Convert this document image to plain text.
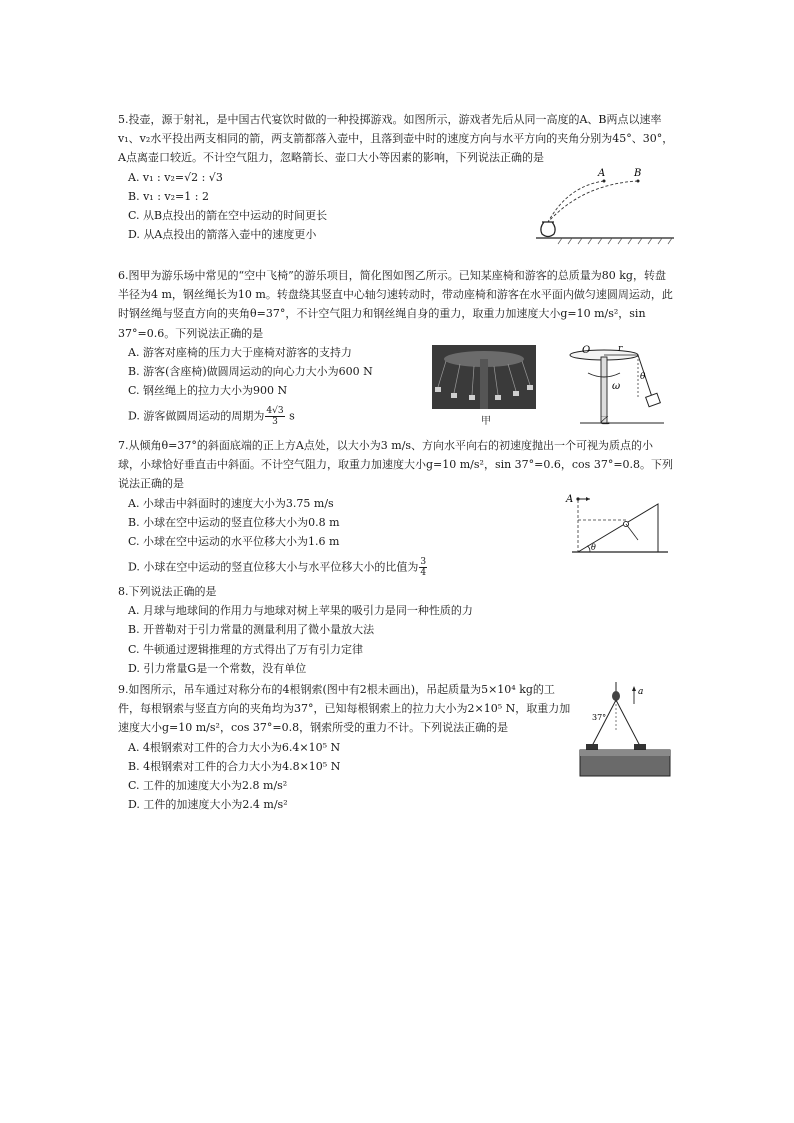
5.投壶，源于射礼，是中国古代宴饮时做的一种投掷游戏。如图所示，游戏者先后从同一高度的A、B两点以速率v₁、v₂水平投出两支相同的箭，两支箭都落入壶中，且落到壶中时的速度方向与水平方向的夹角分别为45°、30°，A点离壶口较近。不计空气阻力，忽略箭长、壶口大小等因素的影响，下列说法正确的是

A. v₁ : v₂=√2 : √3

B. v₁ : v₂=1 : 2

C. 从B点投出的箭在空中运动的时间更长

D. 从A点投出的箭落入壶中的速度更小

A	B

6.图甲为游乐场中常见的“空中飞椅”的游乐项目，简化图如图乙所示。已知某座椅和游客的总质量为80 kg，转盘半径为4 m，钢丝绳长为10 m。转盘绕其竖直中心轴匀速转动时，带动座椅和游客在水平面内做匀速圆周运动，此时钢丝绳与竖直方向的夹角θ=37°，不计空气阻力和钢丝绳自身的重力，取重力加速度大小g=10 m/s²，sin 37°=0.6。下列说法正确的是

A. 游客对座椅的压力大于座椅对游客的支持力

B. 游客(含座椅)做圆周运动的向心力大小为600 N

C. 钢丝绳上的拉力大小为900 N

D. 游客做圆周运动的周期为 $\frac{4√3}{3}$ s	甲
O	r
ω
θ
乙

7.从倾角θ=37°的斜面底端的正上方A点处，以大小为3 m/s、方向水平向右的初速度抛出一个可视为质点的小球，小球恰好垂直击中斜面。不计空气阻力，取重力加速度大小g=10 m/s²，sin 37°=0.6，cos 37°=0.8。下列说法正确的是

A. 小球击中斜面时的速度大小为3.75 m/s

B. 小球在空中运动的竖直位移大小为0.8 m

C. 小球在空中运动的水平位移大小为1.6 m

D. 小球在空中运动的竖直位移大小与水平位移大小的比值为 $\frac{3}{4}$

A
θ

8.下列说法正确的是

A. 月球与地球间的作用力与地球对树上苹果的吸引力是同一种性质的力

B. 开普勒对于引力常量的测量利用了微小量放大法

C. 牛顿通过逻辑推理的方式得出了万有引力定律

D. 引力常量G是一个常数，没有单位

9.如图所示，吊车通过对称分布的4根钢索(图中有2根未画出)，吊起质量为5×10⁴ kg的工件，每根钢索与竖直方向的夹角均为37°，已知每根钢索上的拉力大小为2×10⁵ N，取重力加速度大小g=10 m/s²，cos 37°=0.8，钢索所受的重力不计。下列说法正确的是

A. 4根钢索对工件的合力大小为6.4×10⁵ N

B. 4根钢索对工件的合力大小为4.8×10⁵ N

C. 工件的加速度大小为2.8 m/s²

D. 工件的加速度大小为2.4 m/s²

37°
a
